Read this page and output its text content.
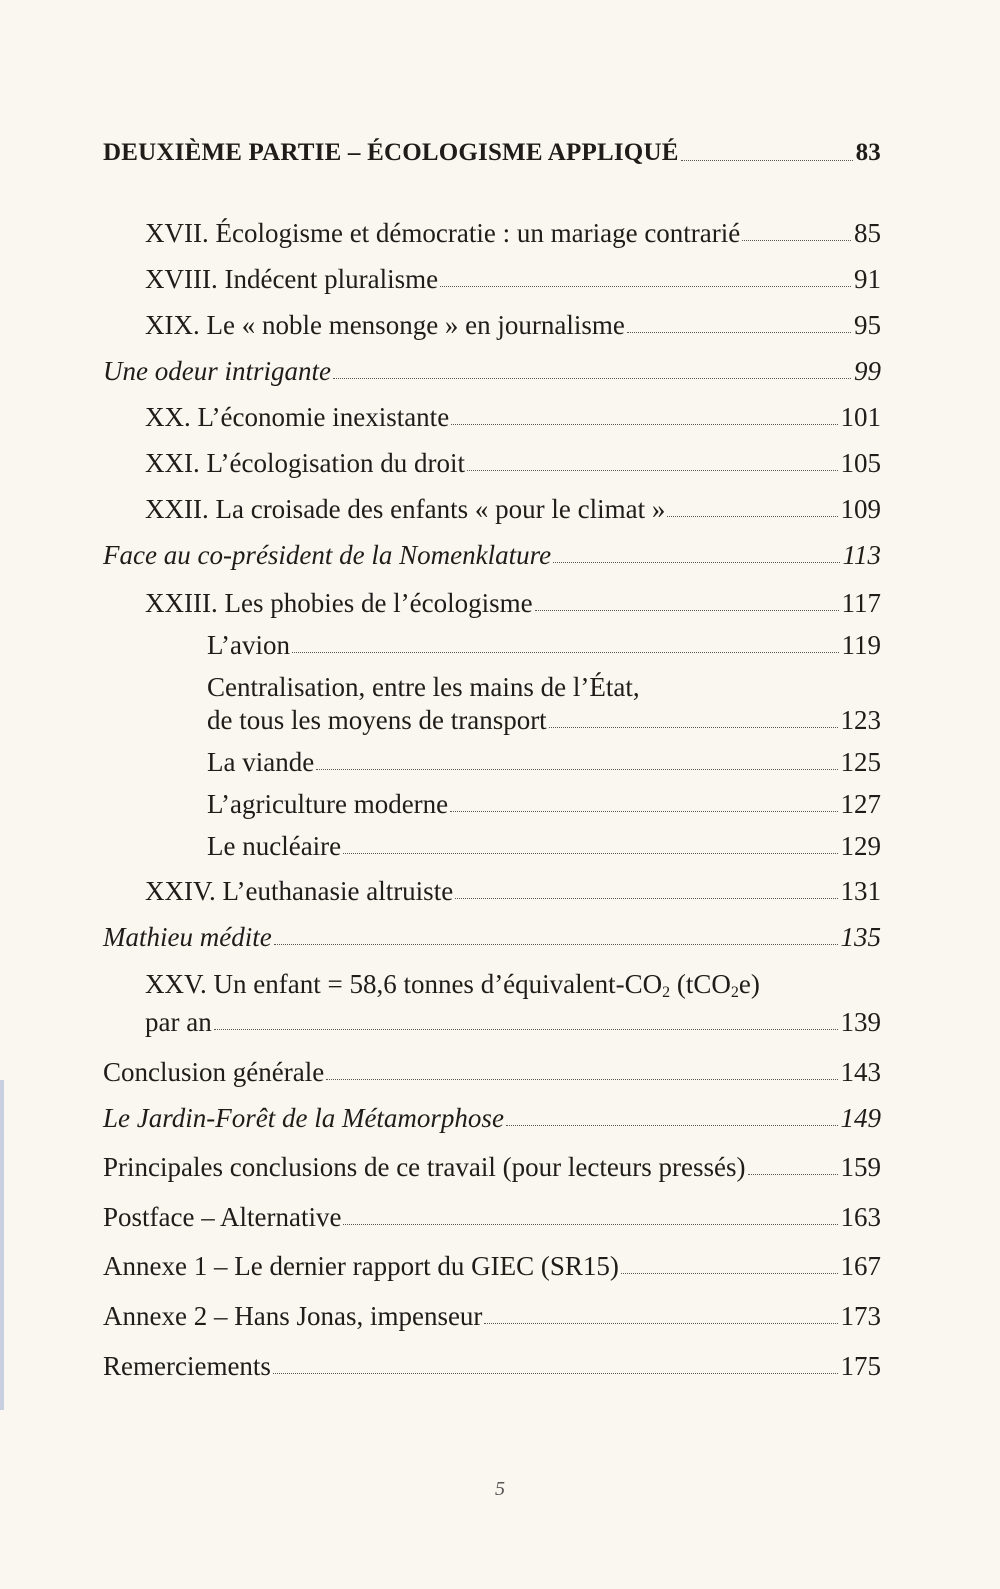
DEUXIÈME PARTIE – ÉCOLOGISME APPLIQUÉ	83
XVII. Écologisme et démocratie : un mariage contrarié	85
XVIII. Indécent pluralisme	91
XIX. Le « noble mensonge » en journalisme	95
Une odeur intrigante	99
XX. L’économie inexistante	101
XXI. L’écologisation du droit	105
XXII. La croisade des enfants « pour le climat »	109
Face au co-président de la Nomenklature	113
XXIII. Les phobies de l’écologisme	117
L’avion	119
Centralisation, entre les mains de l’État,
de tous les moyens de transport	123
La viande	125
L’agriculture moderne	127
Le nucléaire	129
XXIV. L’euthanasie altruiste	131
Mathieu médite	135
XXV. Un enfant = 58,6 tonnes $d’équivalent-CO_2$ (tCO$_2$e)
par an	139
Conclusion générale	143
Le Jardin-Forêt de la Métamorphose	149
Principales conclusions de ce travail (pour lecteurs pressés)	159
Postface – Alternative	163
Annexe 1 – Le dernier rapport du GIEC (SR15)	167
Annexe 2 – Hans Jonas, impenseur	173
Remerciements	175
5
